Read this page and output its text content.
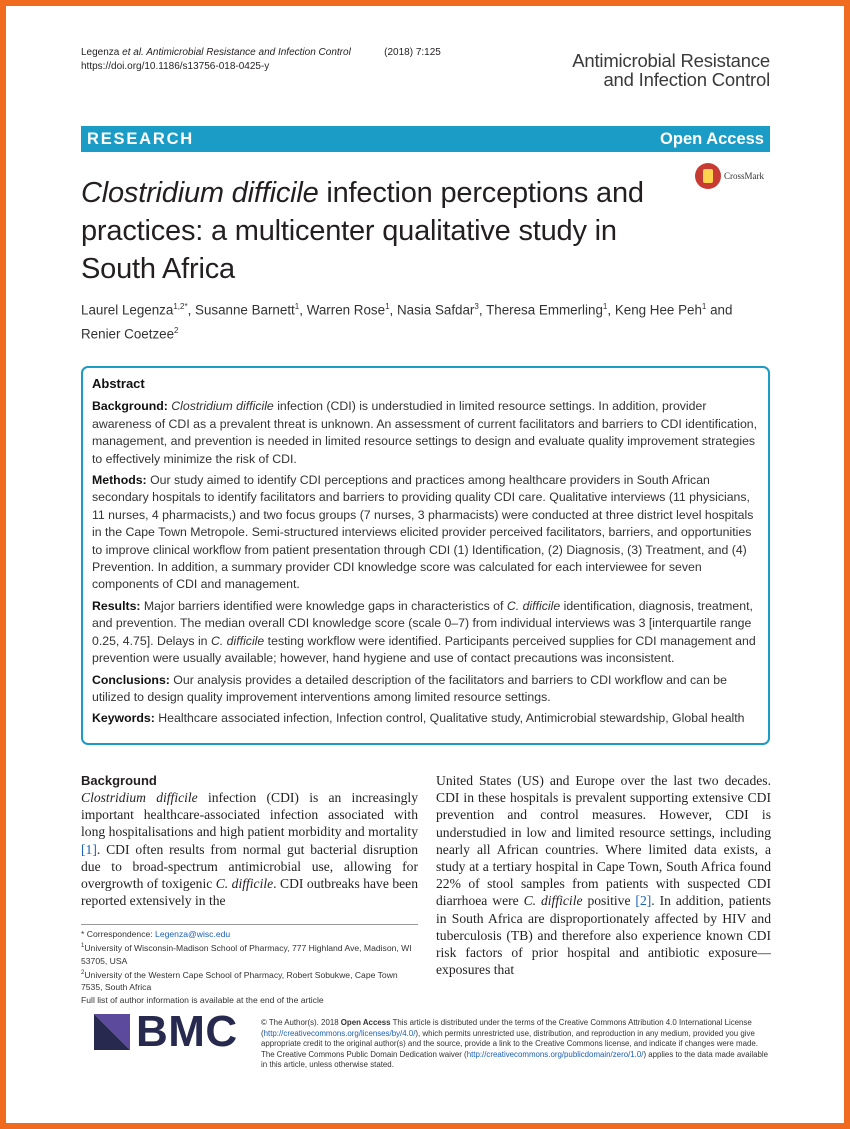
Legenza et al. Antimicrobial Resistance and Infection Control	(2018) 7:125
https://doi.org/10.1186/s13756-018-0425-y	Antimicrobial Resistance
and Infection Control
RESEARCH	Open Access
CrossMark
Clostridium difficile infection perceptions and practices: a multicenter qualitative study in South Africa
Laurel Legenza$^{1,2*}$, Susanne Barnett$^1$, Warren Rose$^1$, Nasia Safdar$^3$, Theresa Emmerling$^1$, Keng Hee Peh$^1$ and Renier Coetzee$^2$
Abstract

Background: Clostridium difficile infection (CDI) is understudied in limited resource settings. In addition, provider awareness of CDI as a prevalent threat is unknown. An assessment of current facilitators and barriers to CDI identification, management, and prevention is needed in limited resource settings to design and evaluate quality improvement strategies to effectively minimize the risk of CDI.

Methods: Our study aimed to identify CDI perceptions and practices among healthcare providers in South African secondary hospitals to identify facilitators and barriers to providing quality CDI care. Qualitative interviews (11 physicians, 11 nurses, 4 pharmacists,) and two focus groups (7 nurses, 3 pharmacists) were conducted at three district level hospitals in the Cape Town Metropole. Semi-structured interviews elicited provider perceived facilitators, barriers, and opportunities to improve clinical workflow from patient presentation through CDI (1) Identification, (2) Diagnosis, (3) Treatment, and (4) Prevention. In addition, a summary provider CDI knowledge score was calculated for each interviewee for seven components of CDI and management.

Results: Major barriers identified were knowledge gaps in characteristics of C. difficile identification, diagnosis, treatment, and prevention. The median overall CDI knowledge score (scale 0–7) from individual interviews was 3 [interquartile range 0.25, 4.75]. Delays in C. difficile testing workflow were identified. Participants perceived supplies for CDI management and prevention were usually available; however, hand hygiene and use of contact precautions was inconsistent.

Conclusions: Our analysis provides a detailed description of the facilitators and barriers to CDI workflow and can be utilized to design quality improvement interventions among limited resource settings.

Keywords: Healthcare associated infection, Infection control, Qualitative study, Antimicrobial stewardship, Global health

Background
Clostridium difficile infection (CDI) is an increasingly important healthcare-associated infection associated with long hospitalisations and high patient morbidity and mortality [1]. CDI often results from normal gut bacterial disruption due to broad-spectrum antimicrobial use, allowing for overgrowth of toxigenic C. difficile. CDI outbreaks have been reported extensively in the
United States (US) and Europe over the last two decades. CDI in these hospitals is prevalent supporting extensive CDI prevention and control measures. However, CDI is understudied in low and limited resource settings, including nearly all African countries. Where limited data exists, a study at a tertiary hospital in Cape Town, South Africa found 22% of stool samples from patients with suspected CDI diarrhoea were C. difficile positive [2]. In addition, patients in South Africa are disproportionately affected by HIV and tuberculosis (TB) and therefore also experience known CDI risk factors of prior hospital and antibiotic exposure—exposures that
* Correspondence: Legenza@wisc.edu
$^1$University of Wisconsin-Madison School of Pharmacy, 777 Highland Ave, Madison, WI 53705, USA
$^2$University of the Western Cape School of Pharmacy, Robert Sobukwe, Cape Town 7535, South Africa
Full list of author information is available at the end of the article
BMC	© The Author(s). 2018 Open Access This article is distributed under the terms of the Creative Commons Attribution 4.0 International License (http://creativecommons.org/licenses/by/4.0/), which permits unrestricted use, distribution, and reproduction in any medium, provided you give appropriate credit to the original author(s) and the source, provide a link to the Creative Commons license, and indicate if changes were made. The Creative Commons Public Domain Dedication waiver (http://creativecommons.org/publicdomain/zero/1.0/) applies to the data made available in this article, unless otherwise stated.
